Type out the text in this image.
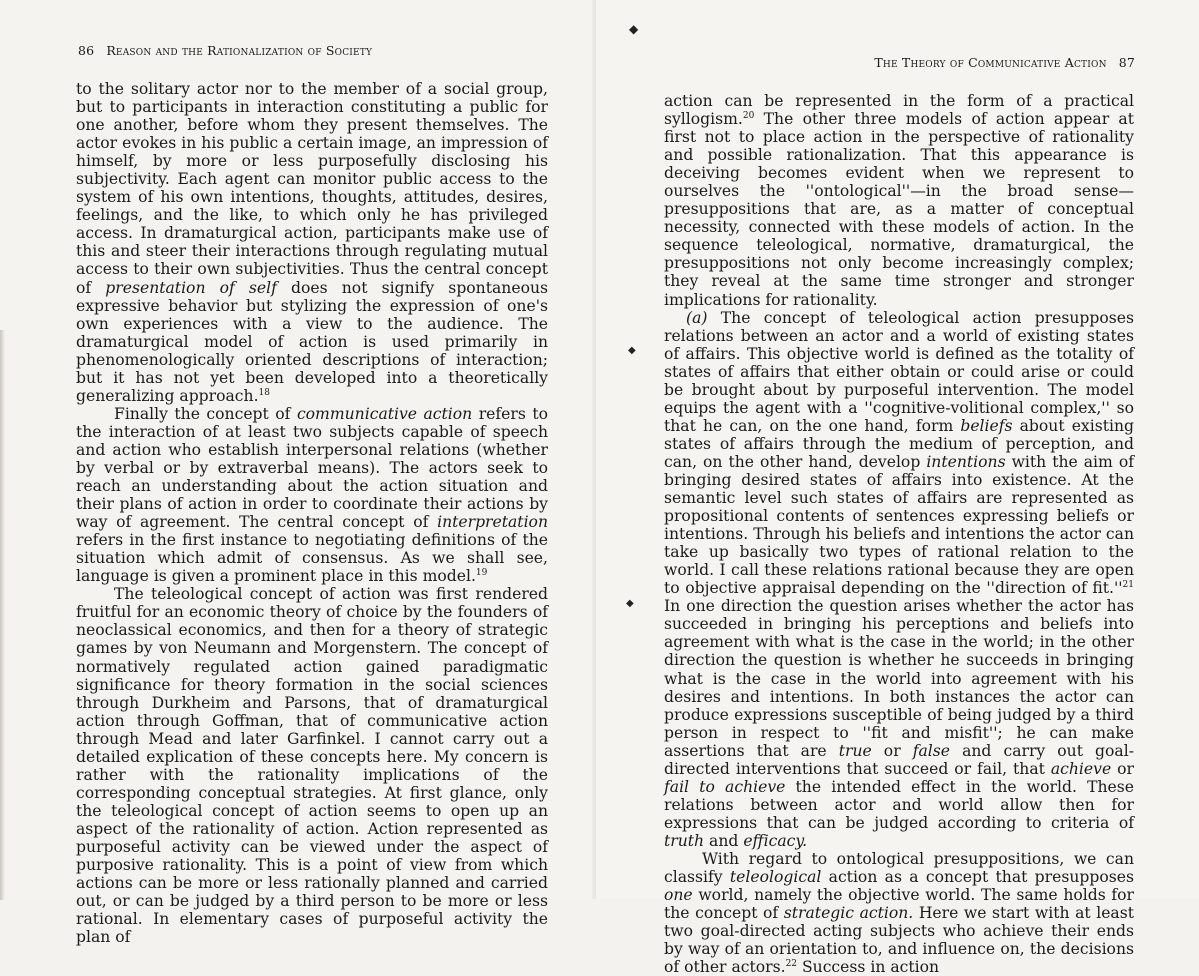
86 Reason and the Rationalization of Society

to the solitary actor nor to the member of a social group, but to participants in interaction constituting a public for one another, before whom they present themselves. The actor evokes in his public a certain image, an impression of himself, by more or less purposefully disclosing his subjectivity. Each agent can monitor public access to the system of his own intentions, thoughts, attitudes, desires, feelings, and the like, to which only he has privileged access. In dramaturgical action, participants make use of this and steer their interactions through regulating mutual access to their own subjectivities. Thus the central concept of presentation of self does not signify spontaneous expressive behavior but stylizing the expression of one's own experiences with a view to the audience. The dramaturgical model of action is used primarily in phenomenologically oriented descriptions of interaction; but it has not yet been developed into a theoretically generalizing approach.$^{18}$

Finally the concept of communicative action refers to the interaction of at least two subjects capable of speech and action who establish interpersonal relations (whether by verbal or by extraverbal means). The actors seek to reach an understanding about the action situation and their plans of action in order to coordinate their actions by way of agreement. The central concept of interpretation refers in the first instance to negotiating definitions of the situation which admit of consensus. As we shall see, language is given a prominent place in this model.$^{19}$

The teleological concept of action was first rendered fruitful for an economic theory of choice by the founders of neoclassical economics, and then for a theory of strategic games by von Neumann and Morgenstern. The concept of normatively regulated action gained paradigmatic significance for theory formation in the social sciences through Durkheim and Parsons, that of dramaturgical action through Goffman, that of communicative action through Mead and later Garfinkel. I cannot carry out a detailed explication of these concepts here. My concern is rather with the rationality implications of the corresponding conceptual strategies. At first glance, only the teleological concept of action seems to open up an aspect of the rationality of action. Action represented as purposeful activity can be viewed under the aspect of purposive rationality. This is a point of view from which actions can be more or less rationally planned and carried out, or can be judged by a third person to be more or less rational. In elementary cases of purposeful activity the plan of

The Theory of Communicative Action 87

action can be represented in the form of a practical syllogism.$^{20}$ The other three models of action appear at first not to place action in the perspective of rationality and possible rationalization. That this appearance is deceiving becomes evident when we represent to ourselves the ''ontological''—in the broad sense—presuppositions that are, as a matter of conceptual necessity, connected with these models of action. In the sequence teleological, normative, dramaturgical, the presuppositions not only become increasingly complex; they reveal at the same time stronger and stronger implications for rationality.

(a) The concept of teleological action presupposes relations between an actor and a world of existing states of affairs. This objective world is defined as the totality of states of affairs that either obtain or could arise or could be brought about by purposeful intervention. The model equips the agent with a ''cognitive-volitional complex,'' so that he can, on the one hand, form beliefs about existing states of affairs through the medium of perception, and can, on the other hand, develop intentions with the aim of bringing desired states of affairs into existence. At the semantic level such states of affairs are represented as propositional contents of sentences expressing beliefs or intentions. Through his beliefs and intentions the actor can take up basically two types of rational relation to the world. I call these relations rational because they are open to objective appraisal depending on the ''direction of fit.''$^{21}$ In one direction the question arises whether the actor has succeeded in bringing his perceptions and beliefs into agreement with what is the case in the world; in the other direction the question is whether he succeeds in bringing what is the case in the world into agreement with his desires and intentions. In both instances the actor can produce expressions susceptible of being judged by a third person in respect to ''fit and misfit''; he can make assertions that are true or false and carry out goal-directed interventions that succeed or fail, that achieve or fail to achieve the intended effect in the world. These relations between actor and world allow then for expressions that can be judged according to criteria of truth and efficacy.

With regard to ontological presuppositions, we can classify teleological action as a concept that presupposes one world, namely the objective world. The same holds for the concept of strategic action. Here we start with at least two goal-directed acting subjects who achieve their ends by way of an orientation to, and influence on, the decisions of other actors.$^{22}$ Success in action

◆
◆
◆
